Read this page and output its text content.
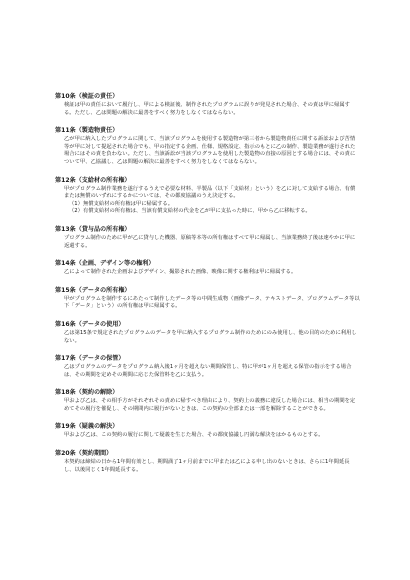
第10条（検証の責任）

検証は甲の責任において履行し、甲による検証後、制作されたプログラムに誤りが発見された場合、その責は甲に帰属する。ただし、乙は問題の解決に最善をすべく努力をしなくてはならない。

第11条（製造物責任）

乙が甲に納入したプログラムに関して、当該プログラムを使用する製造物が第三者から製造物責任に関する訴訟および苦情等が甲に対して提起された場合でも、甲の指定する企画、仕様、規格設定、指示のもとに乙の制作、製造業務が遂行された場合にはその責を負わない。ただし、当該訴訟が当該プログラムを使用した製造物の直接の原因とする場合には、その責について甲、乙協議し、乙は問題の解決に最善をすべく努力をしなくてはならない。

第12条（支給材の所有権）

甲がプログラム制作業務を遂行するうえで必要な材料、半製品（以下「支給材」という）を乙に対して支給する場合、有償または無償のいずれにするかについては、その都度協議のうえ決定する。

（1）無償支給材の所有権は甲に帰属する。

（2）有償支給材の所有権は、当該有償支給材の代金を乙が甲に支払った時に、甲から乙に移転する。

第13条（貸与品の所有権）

プログラム制作のために甲が乙に貸与した機器、原稿等本等の所有権はすべて甲に帰属し、当該業務終了後は速やかに甲に返還する。

第14条（企画、デザイン等の権利）

乙によって制作された企画およびデザイン、撮影された画像、映像に関する権利は甲に帰属する。

第15条（データの所有権）

甲がプログラムを制作するにあたって制作したデータ等の中間生成物（画像データ、テキストデータ、プログラムデータ等以下「データ」という）の所有権は甲に帰属する。

第16条（データの使用）

乙は第15条で規定されたプログラムのデータを甲に納入するプログラム制作のためにのみ使用し、他の目的のために利用しない。

第17条（データの保管）

乙はプログラムのデータをプログラム納入後1ヶ月を超えない期間保管し、特に甲が1ヶ月を超える保管の指示をする場合は、その期間を定めその期間に応じた保管料を乙に支払う。

第18条（契約の解除）

甲および乙は、その相手方がそれぞれその責めに帰すべき理由により、契約上の義務に違反した場合には、相当の期間を定めてその履行を催促し、その期間内に履行がないときは、この契約の全部または一部を解除することができる。

第19条（疑義の解決）

甲および乙は、この契約の履行に関して疑義を生じた場合、その都度協議し円満な解決をはかるものとする。

第20条（契約期間）

本契約は締結の日から1年間有効とし、期間満了1ヶ月前までに甲または乙による申し出のないときは、さらに1年間延長し、以後同じく1年間延長する。
